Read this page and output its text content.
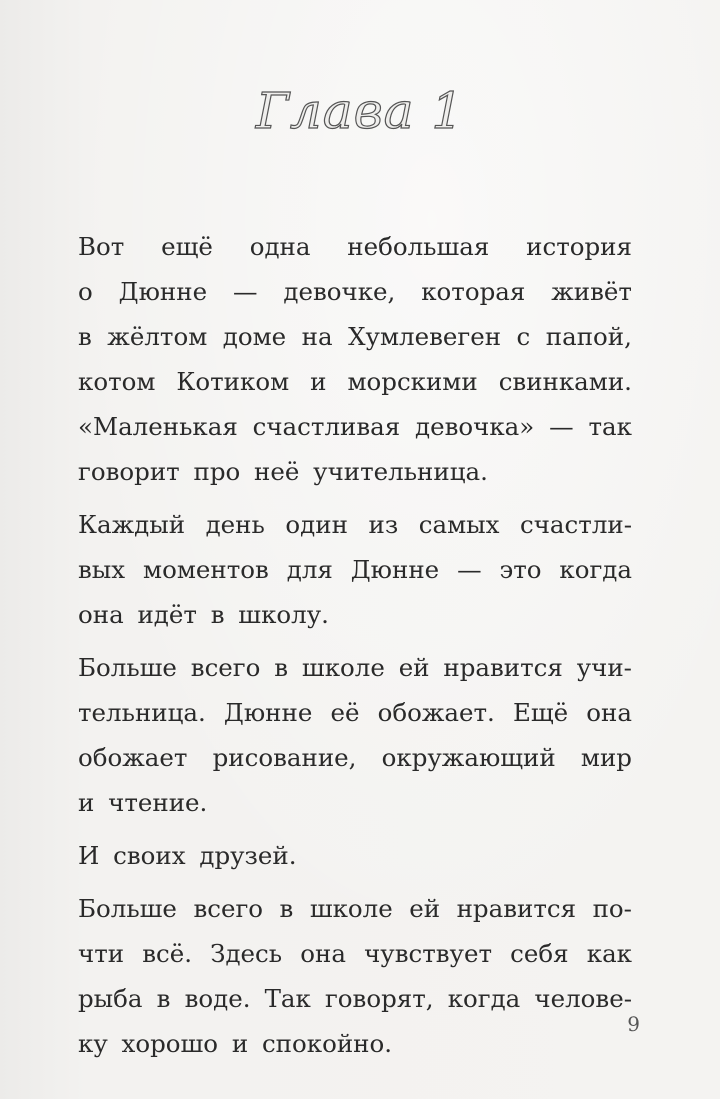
Глава 1
Вот ещё одна небольшая история
о Дюнне — девочке, которая живёт
в жёлтом доме на Хумлевеген с папой,
котом Котиком и морскими свинками.
«Маленькая счастливая девочка» — так
говорит про неё учительница.
Каждый день один из самых счастли-
вых моментов для Дюнне — это когда
она идёт в школу.
Больше всего в школе ей нравится учи-
тельница. Дюнне её обожает. Ещё она
обожает рисование, окружающий мир
и чтение.
И своих друзей.
Больше всего в школе ей нравится по-
чти всё. Здесь она чувствует себя как
рыба в воде. Так говорят, когда челове-
ку хорошо и спокойно.
9
